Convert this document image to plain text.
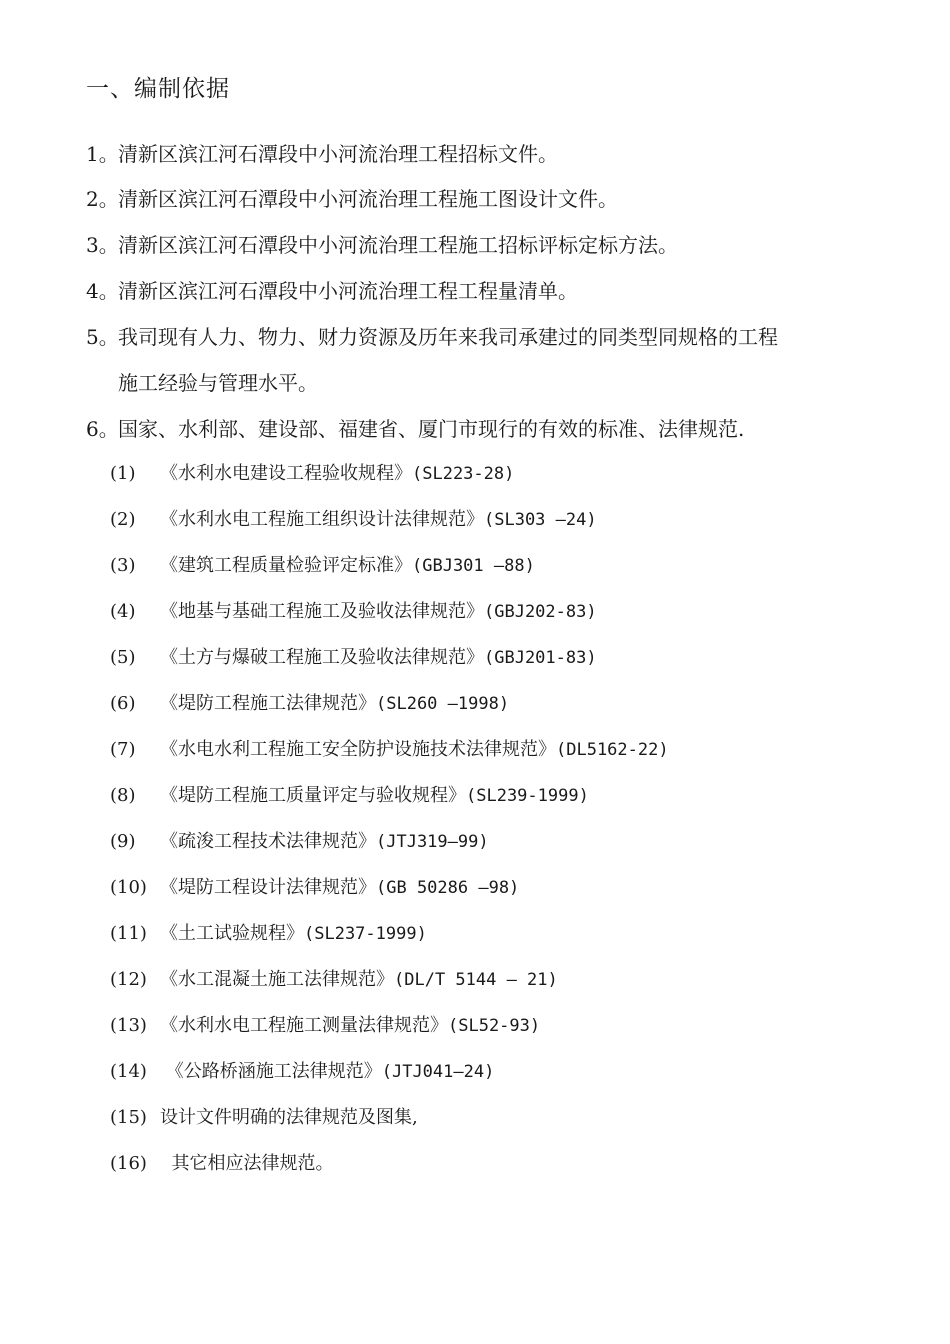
一、编制依据
1。清新区滨江河石潭段中小河流治理工程招标文件。
2。清新区滨江河石潭段中小河流治理工程施工图设计文件。
3。清新区滨江河石潭段中小河流治理工程施工招标评标定标方法。
4。清新区滨江河石潭段中小河流治理工程工程量清单。
5。我司现有人力、物力、财力资源及历年来我司承建过的同类型同规格的工程
施工经验与管理水平。
6。国家、水利部、建设部、福建省、厦门市现行的有效的标准、法律规范.
(1) 《水利水电建设工程验收规程》(SL223-28)
(2) 《水利水电工程施工组织设计法律规范》(SL303 —24)
(3) 《建筑工程质量检验评定标准》(GBJ301 —88)
(4) 《地基与基础工程施工及验收法律规范》(GBJ202-83)
(5) 《土方与爆破工程施工及验收法律规范》(GBJ201-83)
(6) 《堤防工程施工法律规范》(SL260 —1998)
(7) 《水电水利工程施工安全防护设施技术法律规范》(DL5162-22)
(8) 《堤防工程施工质量评定与验收规程》(SL239-1999)
(9) 《疏浚工程技术法律规范》(JTJ319—99)
(10) 《堤防工程设计法律规范》(GB 50286 —98)
(11) 《土工试验规程》(SL237-1999)
(12) 《水工混凝土施工法律规范》(DL/T 5144 — 21)
(13) 《水利水电工程施工测量法律规范》(SL52-93)
(14) 《公路桥涵施工法律规范》(JTJ041—24)
(15) 设计文件明确的法律规范及图集,
(16)  其它相应法律规范。
